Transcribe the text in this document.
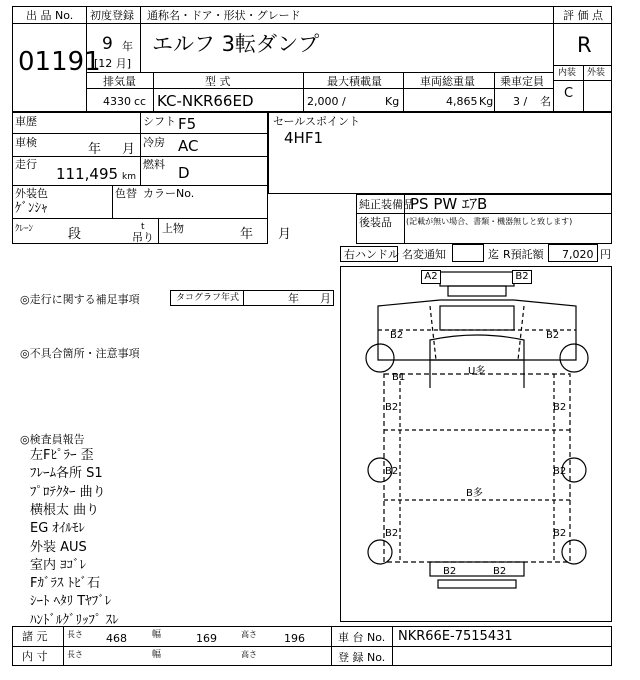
出 品 No.
01191
初度登録
9 年
[12 月]
通称名・ドア・形状・グレード
エルフ 3転ダンプ
評 価 点
R
内装 外装
C
排気量	型 式	最大積載量	車両総重量 乗車定員
4330 cc KC-NKR66ED	2,000 /	Kg	4,865 Kg 3 / 名
車歴	シフト F5
車検	年 月 冷房 AC
走行
111,495 km
燃料 D
外装色
ｹﾞﾝｼｬ
色替 カラーNo.
セールスポイント
4HF1
純正装備品
PS PW ｴｱB
後装品 (記載が無い場合、書類・機器無しと致します)
ｸﾚｰﾝ	段	t
吊り
上物	年 月
右ハンドル 名変通知	迄 R預託額 7,020 円
◎走行に関する補足事項	タコグラフ年式	年 月
◎不具合箇所・注意事項
◎検査員報告
左Fﾋﾟﾗｰ 歪
ﾌﾚｰﾑ各所 S1
ﾌﾟﾛﾃｸﾀｰ 曲り
横根太 曲り
EG ｵｲﾙﾓﾚ
外装 AUS
室内 ﾖｺﾞﾚ
Fｶﾞﾗｽ ﾄﾋﾞ石
ｼｰﾄ ﾍﾀﾘ Tﾔﾌﾞﾚ
ﾊﾝﾄﾞﾙｸﾞﾘｯﾌﾟ ｽﾚ
A2	B2
B2	B2
B1
U多
B2	B2
B2	B2
B多
B2	B2
B2	B2
諸 元 長さ 468	幅	169	高さ 196	車 台 No. NKR66E-7515431
内 寸 長さ	幅	高さ	登 録 No.
